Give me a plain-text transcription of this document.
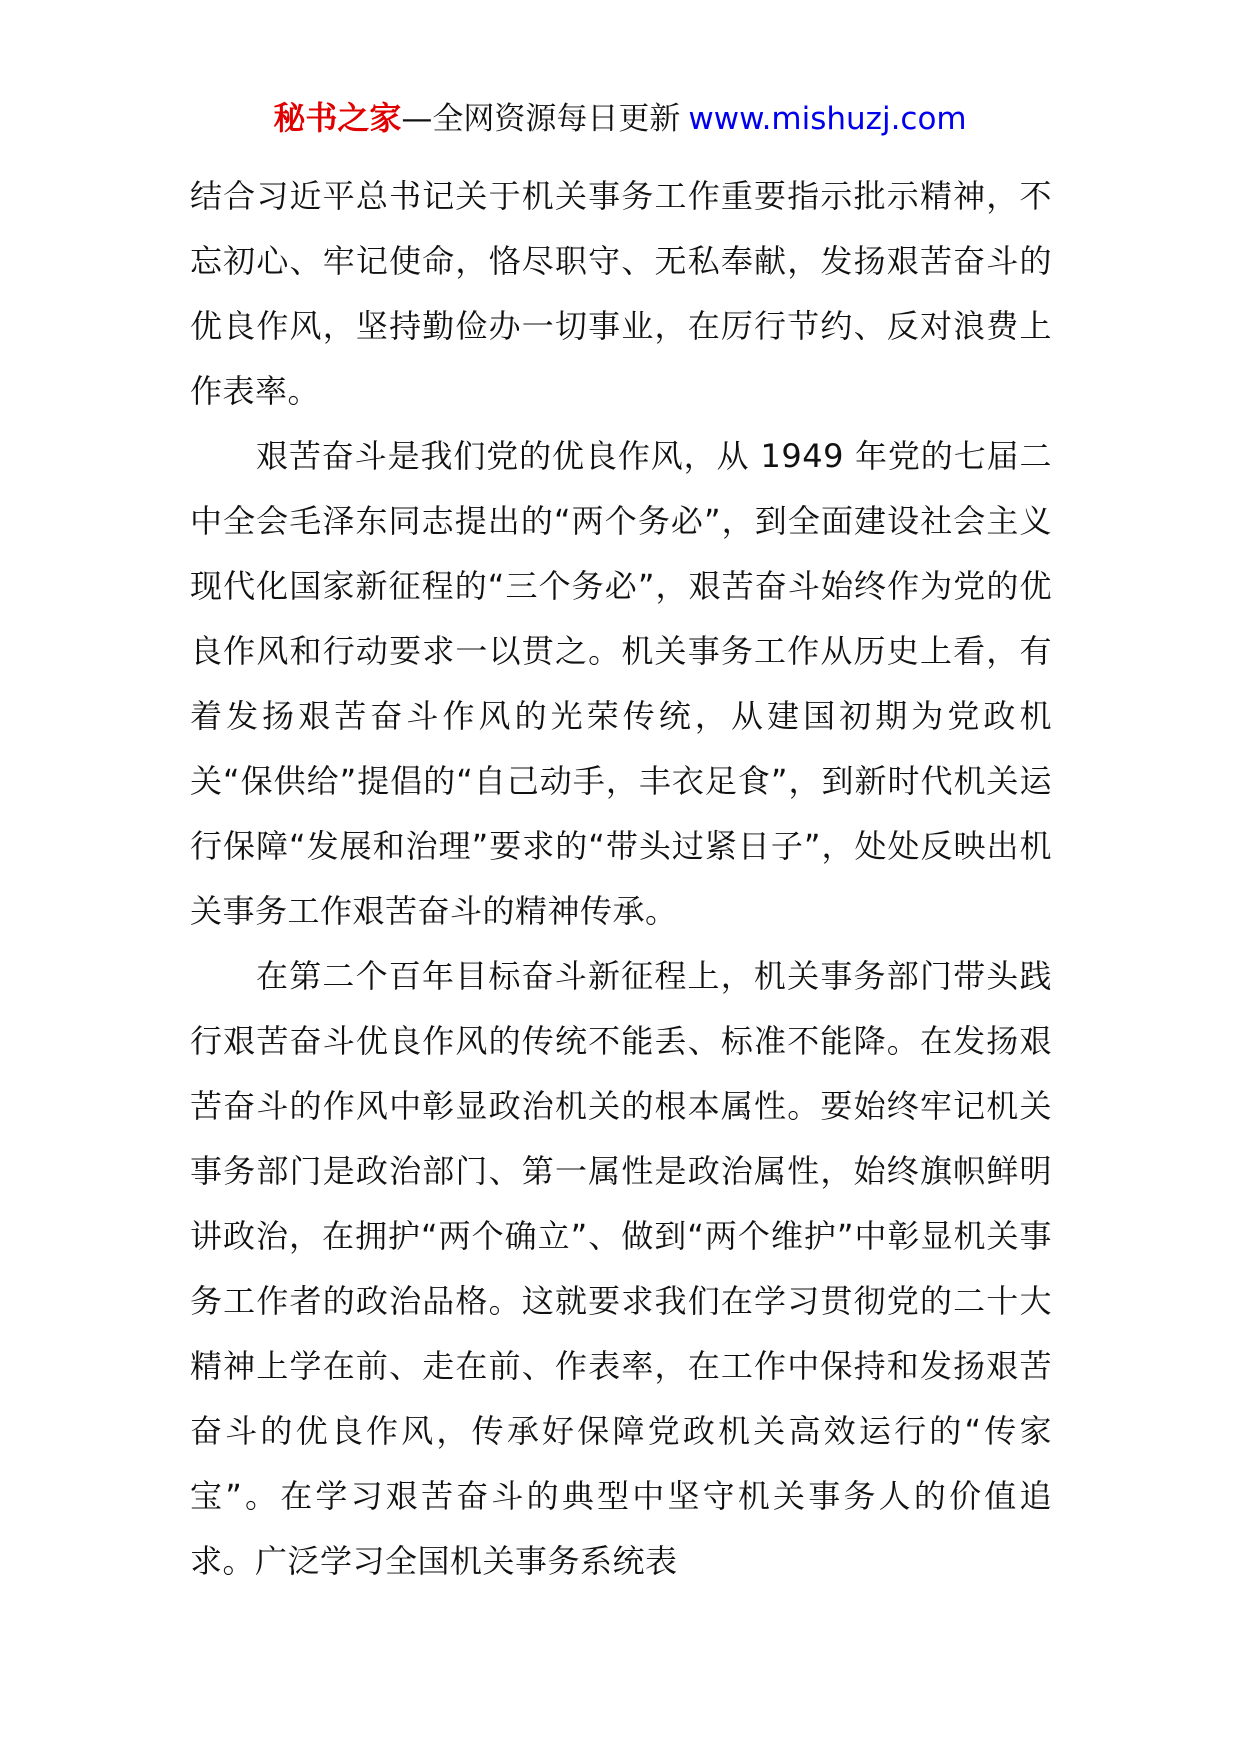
秘书之家—全网资源每日更新 www.mishuzj.com

结合习近平总书记关于机关事务工作重要指示批示精神，不忘初心、牢记使命，恪尽职守、无私奉献，发扬艰苦奋斗的优良作风，坚持勤俭办一切事业，在厉行节约、反对浪费上作表率。

艰苦奋斗是我们党的优良作风，从 1949 年党的七届二中全会毛泽东同志提出的“两个务必”，到全面建设社会主义现代化国家新征程的“三个务必”，艰苦奋斗始终作为党的优良作风和行动要求一以贯之。机关事务工作从历史上看，有着发扬艰苦奋斗作风的光荣传统，从建国初期为党政机关“保供给”提倡的“自己动手，丰衣足食”，到新时代机关运行保障“发展和治理”要求的“带头过紧日子”，处处反映出机关事务工作艰苦奋斗的精神传承。

在第二个百年目标奋斗新征程上，机关事务部门带头践行艰苦奋斗优良作风的传统不能丢、标准不能降。在发扬艰苦奋斗的作风中彰显政治机关的根本属性。要始终牢记机关事务部门是政治部门、第一属性是政治属性，始终旗帜鲜明讲政治，在拥护“两个确立”、做到“两个维护”中彰显机关事务工作者的政治品格。这就要求我们在学习贯彻党的二十大精神上学在前、走在前、作表率，在工作中保持和发扬艰苦奋斗的优良作风，传承好保障党政机关高效运行的“传家宝”。在学习艰苦奋斗的典型中坚守机关事务人的价值追求。广泛学习全国机关事务系统表
